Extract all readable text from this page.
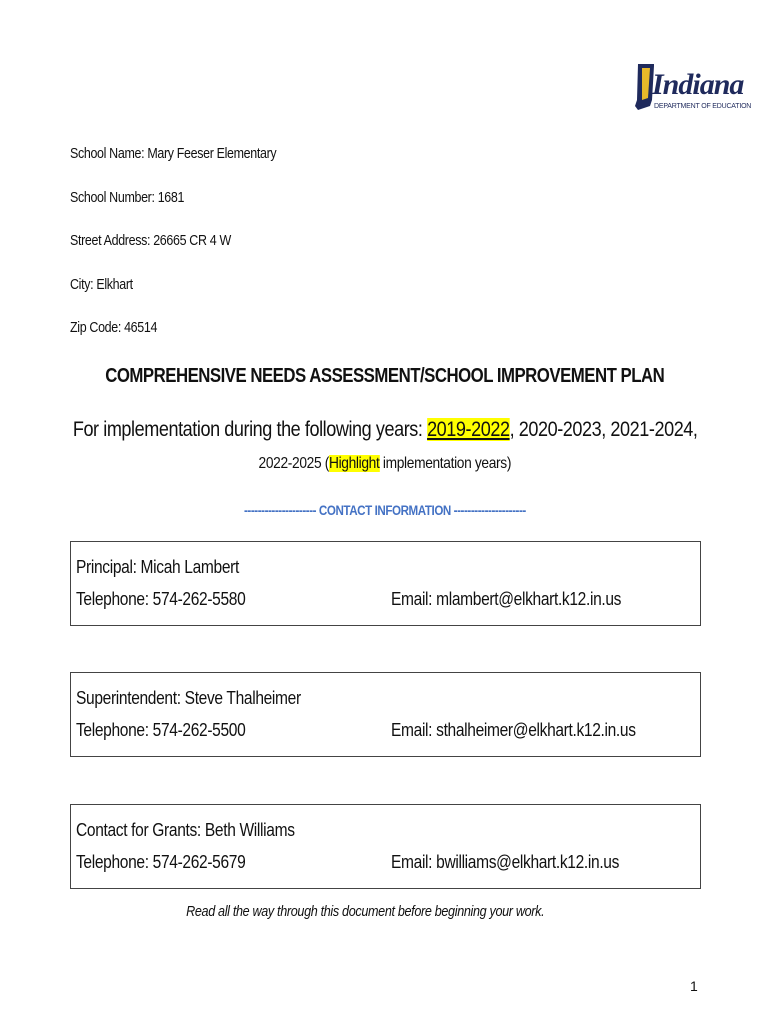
Indiana
DEPARTMENT OF EDUCATION
School Name: Mary Feeser Elementary
School Number: 1681
Street Address: 26665 CR 4 W
City: Elkhart
Zip Code: 46514
COMPREHENSIVE NEEDS ASSESSMENT/SCHOOL IMPROVEMENT PLAN
For implementation during the following years: 2019-2022, 2020-2023, 2021-2024,
2022-2025 (Highlight implementation years)
--------------------- CONTACT INFORMATION ---------------------
Principal: Micah Lambert
Telephone: 574-262-5580	Email: mlambert@elkhart.k12.in.us
Superintendent: Steve Thalheimer
Telephone: 574-262-5500	Email: sthalheimer@elkhart.k12.in.us
Contact for Grants: Beth Williams
Telephone: 574-262-5679	Email: bwilliams@elkhart.k12.in.us
Read all the way through this document before beginning your work.
1
